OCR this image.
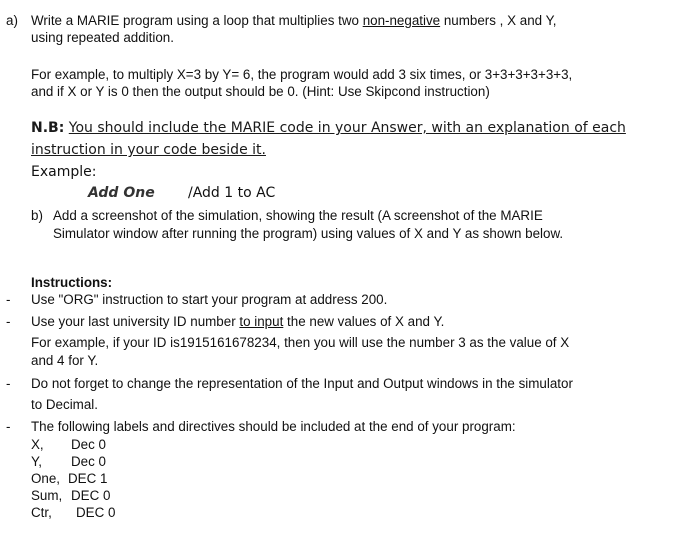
a) Write a MARIE program using a loop that multiplies two non-negative numbers , X and Y,
using repeated addition.
For example, to multiply X=3 by Y= 6, the program would add 3 six times, or 3+3+3+3+3+3,
and if X or Y is 0 then the output should be 0. (Hint: Use Skipcond instruction)
N.B: You should include the MARIE code in your Answer, with an explanation of each
instruction in your code beside it.
Example:
Add One /Add 1 to AC
b) Add a screenshot of the simulation, showing the result (A screenshot of the MARIE
Simulator window after running the program) using values of X and Y as shown below.
Instructions:
- Use "ORG" instruction to start your program at address 200.
- Use your last university ID number to input the new values of X and Y.
For example, if your ID is1915161678234, then you will use the number 3 as the value of X
and 4 for Y.
- Do not forget to change the representation of the Input and Output windows in the simulator
to Decimal.
- The following labels and directives should be included at the end of your program:
X,	Dec 0
Y,	Dec 0
One, DEC 1
Sum, DEC 0
Ctr,	DEC 0
